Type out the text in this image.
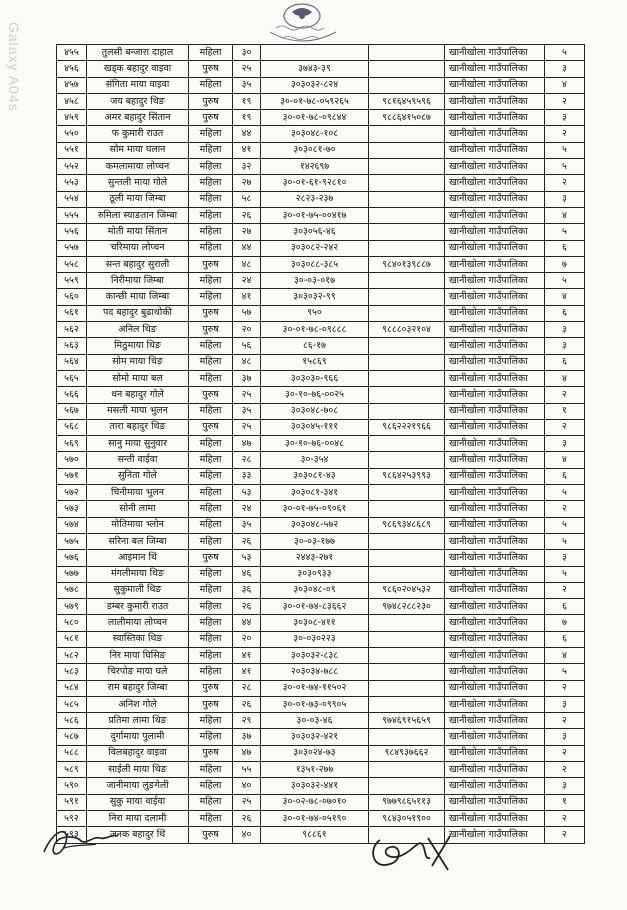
Galaxy A04s	४५५	तुलसी बन्जारा दाहाल	महिला	३०			खानीखोला गाउँपालिका	५
४५६	खड्क बहादुर वाइवा	पुरुष	२५	३७४३-३९		खानीखोला गाउँपालिका	३
४५७	संगिता माया वाइवा	महिला	३५	३०३०३२-८२४		खानीखोला गाउँपालिका	४
४५८	जय बहादुर थिङ	पुरुष	१९	३०-०१-७८-०५९२६५	९८१६४५९५९६	खानीखोला गाउँपालिका	२
४५९	अमर बहादुर सिंतान	पुरुष	१९	३०-०१-७८-०९८४४	९८८६४१५०८७	खानीखोला गाउँपालिका	३
५५०	फ कुमारी राउत	महिला	४४	३०३०४८-१०८		खानीखोला गाउँपालिका	२
५५१	सोम माया घलान	महिला	४१	३०३०८१-७०		खानीखोला गाउँपालिका	५
५५२	कमलामाया लोप्चन	महिला	३२	१४२६९७		खानीखोला गाउँपालिका	५
५५३	सुन्तली माया गोले	महिला	२७	३०-०१-६१-९२८१०		खानीखोला गाउँपालिका	२
५५४	ठूली माया जिम्बा	महिला	५८	२८२३-२३७		खानीखोला गाउँपालिका	३
५५५	रुमिला स्याङतान जिम्बा	महिला	२६	३०-०१-७५-००४१७		खानीखोला गाउँपालिका	४
५५६	मोती माया सिंतान	महिला	२७	३०३०५६-४६		खानीखोला गाउँपालिका	५
५५७	चरिमाया लोप्चन	महिला	४४	३०३०८२-२४२		खानीखोला गाउँपालिका	६
५५८	सन्त बहादुर सुराली	पुरुष	४८	३०३०८८-३८५	९८४०१३९८८७	खानीखोला गाउँपालिका	७
५५९	निरीमाया जिम्बा	महिला	२४	३०-०३-०१७		खानीखोला गाउँपालिका	५
५६०	कान्छी माया जिम्बा	महिला	४१	३०३०३२-९९		खानीखोला गाउँपालिका	४
५६१	पद बहादुर बुढाथोकी	पुरुष	५७	९५०		खानीखोला गाउँपालिका	६
५६२	अनिल थिङ	पुरुष	२०	३०-०१-७८-०९८८८	९८८८०३२१०४	खानीखोला गाउँपालिका	३
५६३	मिठुमाया थिङ	महिला	५६	८६-१७		खानीखोला गाउँपालिका	३
५६४	सोम माया थिङ	महिला	४८	१५८६९		खानीखोला गाउँपालिका	६
५६५	सोमो माया बल	महिला	३७	३०३०३०-९६६		खानीखोला गाउँपालिका	४
५६६	धन बहादुर गोले	पुरुष	२५	३०-१०-७६-००२५		खानीखोला गाउँपालिका	२
५६७	मसली माया भुलन	महिला	३५	३०३०४८-७०८		खानीखोला गाउँपालिका	१
५६८	तारा बहादुर थिङ	पुरुष	२५	३०३०४५-१११	९८६२२२१९६६	खानीखोला गाउँपालिका	२
५६९	सानु माया सुनुवार	महिला	४७	३०-१०-७६-००४८		खानीखोला गाउँपालिका	३
५७०	सन्ती वाईवा	महिला	२८	३०-३५४		खानीखोला गाउँपालिका	४
५७१	सुनिता गोले	महिला	३३	३०३०८१-४३	९८६४२५३९९३	खानीखोला गाउँपालिका	६
५७२	चिनीमाया भुलन	महिला	५३	३०३०८१-३४१		खानीखोला गाउँपालिका	५
५७३	सोनी लामा	महिला	२४	३०-०१-७५-०९०६१		खानीखोला गाउँपालिका	२
५७४	मोतिमाया भ्लोन	महिला	३५	३०३०४८-५७२	९८६९३४८६८९	खानीखोला गाउँपालिका	५
५७५	सरिना बल जिम्बा	महिला	२६	३०-०३-१७७		खानीखोला गाउँपालिका	५
५७६	आइमान थिं	पुरुष	५३	२४४३-२७१		खानीखोला गाउँपालिका	३
५७७	मंगलीमाया थिङ	महिला	४६	३०३०९३३		खानीखोला गाउँपालिका	५
५७८	सुकुमाली थिङ	महिला	३६	३०३०४८-०९	९८६०२०४५३२	खानीखोला गाउँपालिका	२
५७९	डम्बर कुमारी राउत	महिला	२६	३०-०१-७४-८३६६२	९७४८२८८२३०	खानीखोला गाउँपालिका	६
५८०	लालीमाया लोप्चन	महिला	४४	३०३०८-४११		खानीखोला गाउँपालिका	७
५८१	स्वास्तिका थिङ	महिला	२०	३०-०३०२२३		खानीखोला गाउँपालिका	६
५८२	निर माया घिसिङ	महिला	४१	३०३०३२-८३८		खानीखोला गाउँपालिका	४
५८३	चिरपोङ माया घले	महिला	४१	२०३०३४-७८८		खानीखोला गाउँपालिका	५
५८४	राम बहादुर जिम्बा	पुरुष	२८	३०-०१-७४-११५०२		खानीखोला गाउँपालिका	२
५८५	अनिश गोले	पुरुष	२६	३०-०१-७३-०९९०५		खानीखोला गाउँपालिका	३
५८६	प्रतिमा लामा थिङ	महिला	२९	३०-०३-४६	९७४६९१५६५९	खानीखोला गाउँपालिका	२
५८७	दुर्गामाया पुलामी	महिला	३७	३०३०३२-४२१		खानीखोला गाउँपालिका	३
५८८	विलबहादुर वाइवा	पुरुष	४७	३०३०२४-७३	९८४९३७६६२	खानीखोला गाउँपालिका	२
५८९	साईली माया थिङ	महिला	५५	१३५१-२७७		खानीखोला गाउँपालिका	२
५९०	जानीमाया लुङगेली	महिला	४०	३०३०३२-४४१		खानीखोला गाउँपालिका	३
५९१	सुकु माया वाईवा	महिला	२५	३०-०२-७८-०७०१०	९७७९८६५११३	खानीखोला गाउँपालिका	१
५९२	निरा माया दलामी	महिला	२६	३०-०१-७४-०५१९०	९८४३०५१९००	खानीखोला गाउँपालिका	२
५९३	जनक बहादुर थिं	पुरुष	४०	९८८६१		खानीखोला गाउँपालिका	२
